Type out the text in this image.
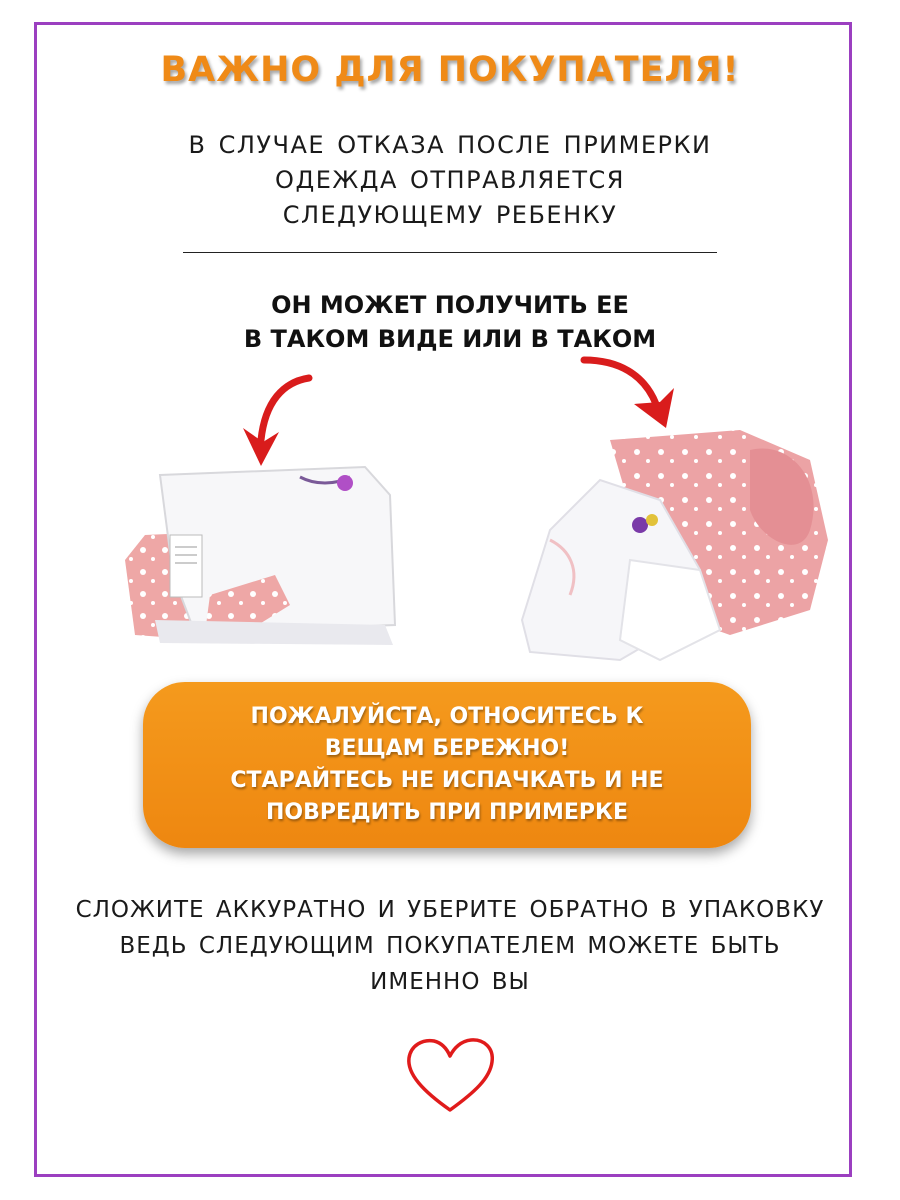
ВАЖНО ДЛЯ ПОКУПАТЕЛЯ!
В СЛУЧАЕ ОТКАЗА ПОСЛЕ ПРИМЕРКИ
ОДЕЖДА ОТПРАВЛЯЕТСЯ
СЛЕДУЮЩЕМУ РЕБЕНКУ
ОН МОЖЕТ ПОЛУЧИТЬ ЕЕ
В ТАКОМ ВИДЕ ИЛИ В ТАКОМ
ПОЖАЛУЙСТА, ОТНОСИТЕСЬ К
ВЕЩАМ БЕРЕЖНО!
СТАРАЙТЕСЬ НЕ ИСПАЧКАТЬ И НЕ
ПОВРЕДИТЬ ПРИ ПРИМЕРКЕ
СЛОЖИТЕ АККУРАТНО И УБЕРИТЕ ОБРАТНО В УПАКОВКУ
ВЕДЬ СЛЕДУЮЩИМ ПОКУПАТЕЛЕМ МОЖЕТЕ БЫТЬ
ИМЕННО ВЫ
